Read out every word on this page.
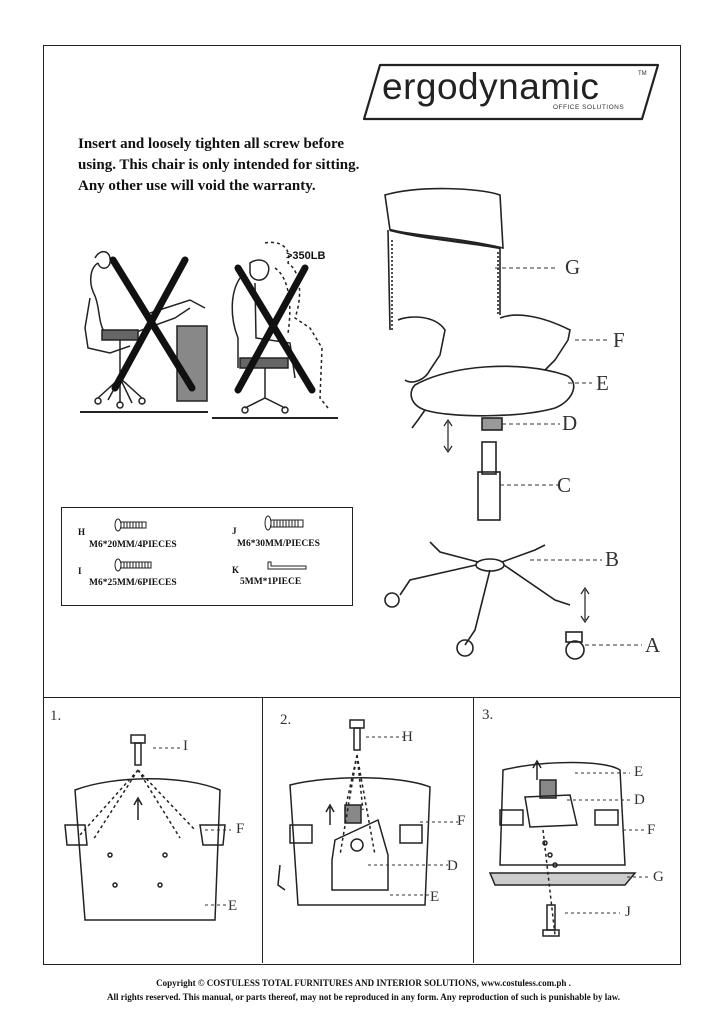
ergodynamic
OFFICE SOLUTIONS
TM
Insert and loosely tighten all screw before
using. This chair is only intended for sitting.
Any other use will void the warranty.
>350LB
H
M6*20MM/4PIECES
I
M6*25MM/6PIECES
J
M6*30MM/PIECES
K
5MM*1PIECE
G
F
E
D
C
B
A
1.
I
F
E
2.
H
F
D
E
3.
E
D
F
G
J
Copyright © COSTULESS TOTAL FURNITURES AND INTERIOR SOLUTIONS, www.costuless.com.ph .
All rights reserved. This manual, or parts thereof, may not be reproduced in any form. Any reproduction of such is punishable by law.
